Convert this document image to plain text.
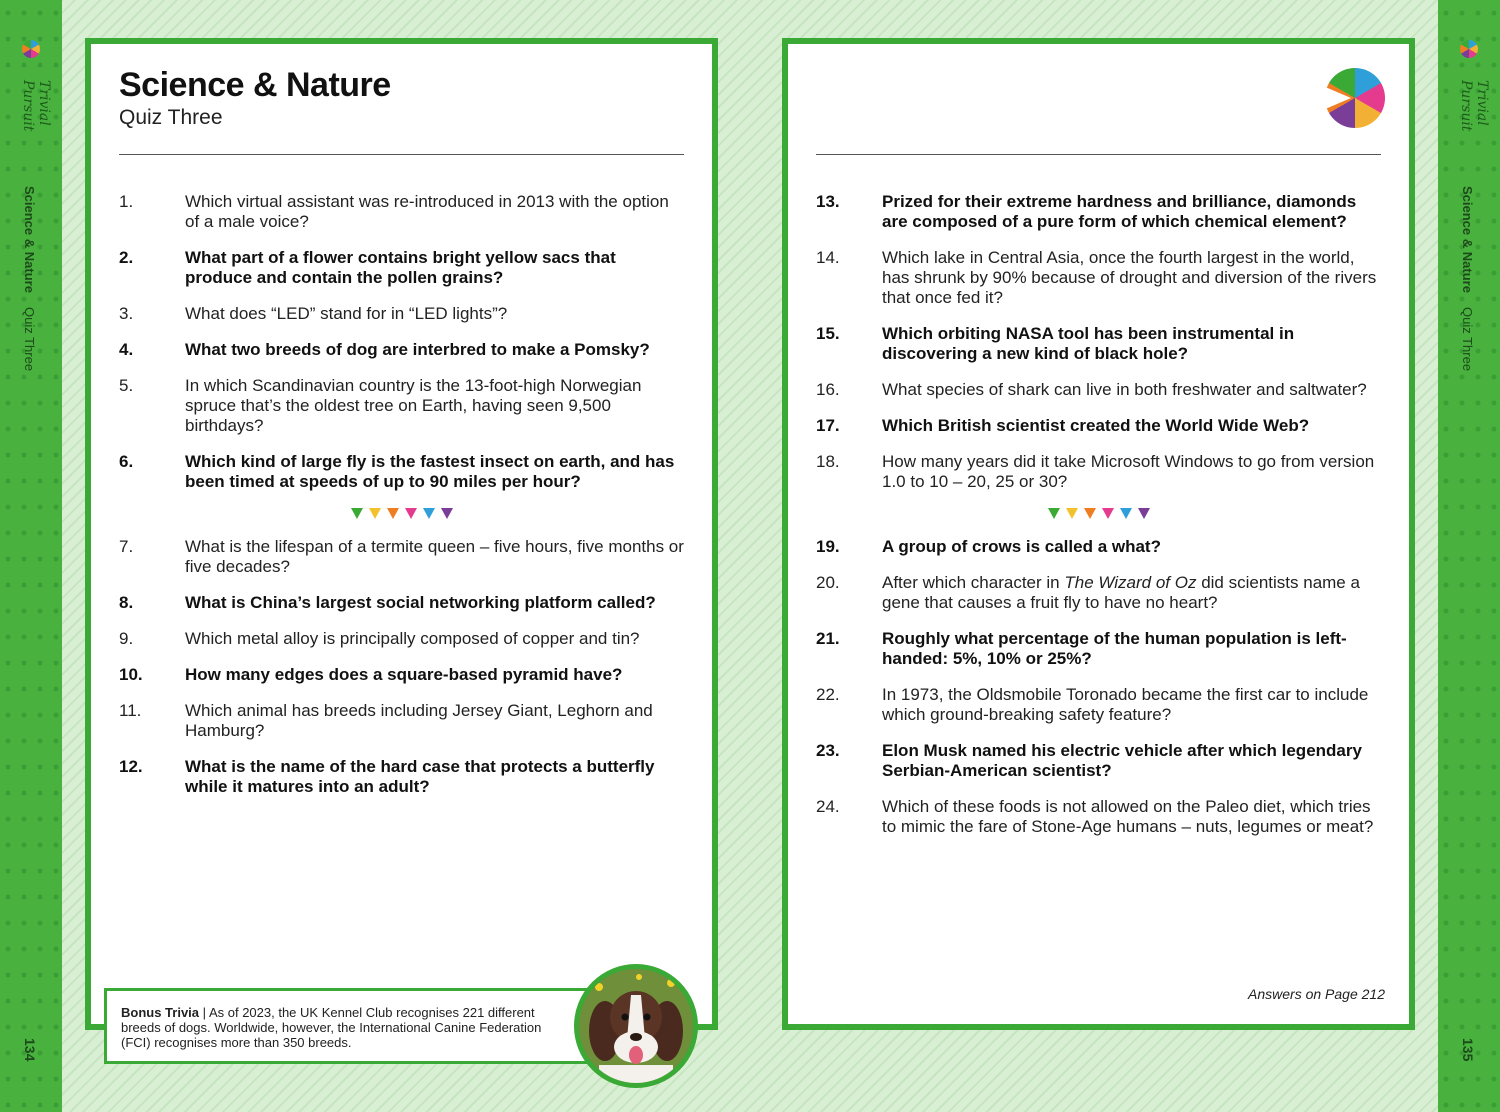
Trivial Pursuit
Science & Nature Quiz Three
134
Trivial Pursuit
Science & Nature Quiz Three
135
Science & Nature
Quiz Three
1.	Which virtual assistant was re-introduced in 2013 with the option of a male voice?
2.	What part of a flower contains bright yellow sacs that produce and contain the pollen grains?
3.	What does “LED” stand for in “LED lights”?
4.	What two breeds of dog are interbred to make a Pomsky?
5.	In which Scandinavian country is the 13-foot-high Norwegian spruce that’s the oldest tree on Earth, having seen 9,500 birthdays?
6.	Which kind of large fly is the fastest insect on earth, and has been timed at speeds of up to 90 miles per hour?
7.	What is the lifespan of a termite queen – five hours, five months or five decades?
8.	What is China’s largest social networking platform called?
9.	Which metal alloy is principally composed of copper and tin?
10.	How many edges does a square-based pyramid have?
11.	Which animal has breeds including Jersey Giant, Leghorn and Hamburg?
12.	What is the name of the hard case that protects a butterfly while it matures into an adult?
Bonus Trivia | As of 2023, the UK Kennel Club recognises 221 different breeds of dogs. Worldwide, however, the International Canine Federation (FCI) recognises more than 350 breeds.
13.	Prized for their extreme hardness and brilliance, diamonds are composed of a pure form of which chemical element?
14.	Which lake in Central Asia, once the fourth largest in the world, has shrunk by 90% because of drought and diversion of the rivers that once fed it?
15.	Which orbiting NASA tool has been instrumental in discovering a new kind of black hole?
16.	What species of shark can live in both freshwater and saltwater?
17.	Which British scientist created the World Wide Web?
18.	How many years did it take Microsoft Windows to go from version 1.0 to 10 – 20, 25 or 30?
19.	A group of crows is called a what?
20.	After which character in The Wizard of Oz did scientists name a gene that causes a fruit fly to have no heart?
21.	Roughly what percentage of the human population is left-handed: 5%, 10% or 25%?
22.	In 1973, the Oldsmobile Toronado became the first car to include which ground-breaking safety feature?
23.	Elon Musk named his electric vehicle after which legendary Serbian-American scientist?
24.	Which of these foods is not allowed on the Paleo diet, which tries to mimic the fare of Stone-Age humans – nuts, legumes or meat?
Answers on Page 212
